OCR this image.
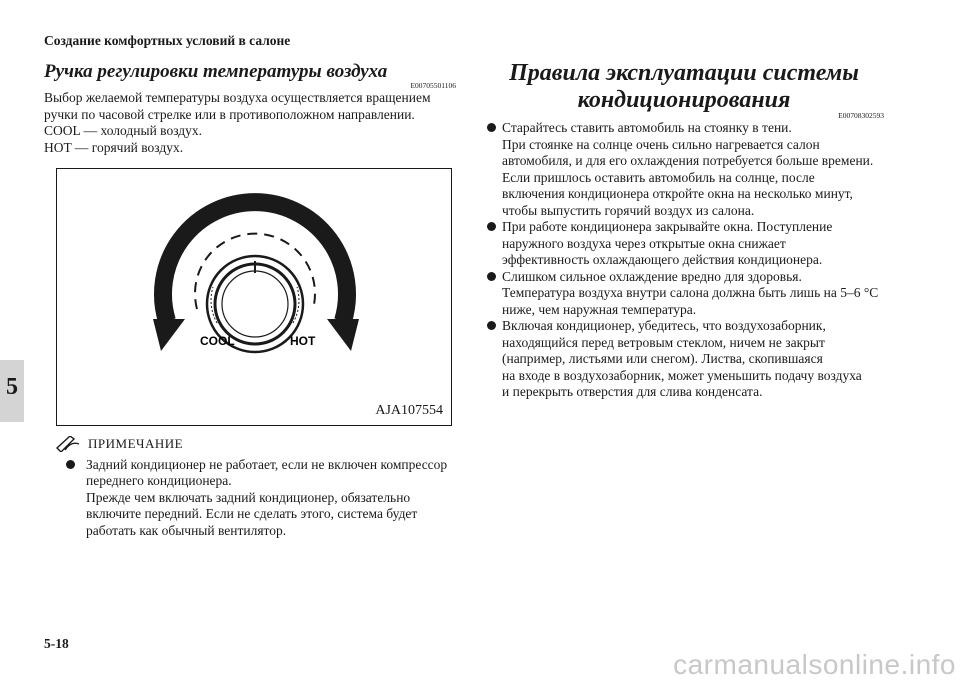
Создание комфортных условий в салоне
5
Ручка регулировки температуры воздуха
E00705501106

Выбор желаемой температуры воздуха осуществляется вращением

ручки по часовой стрелке или в противоположном направлении.

COOL — холодный воздух.

HOT — горячий воздух.

COOL	HOT
AJA107554
ПРИМЕЧАНИЕ
Задний кондиционер не работает, если не включен компрессор
переднего кондиционера.
Прежде чем включать задний кондиционер, обязательно
включите передний. Если не сделать этого, система будет
работать как обычный вентилятор.
Правила эксплуатации системы
кондиционирования
E00708302593

Старайтесь ставить автомобиль на стоянку в тени.

При стоянке на солнце очень сильно нагревается салон

автомобиля, и для его охлаждения потребуется больше времени.

Если пришлось оставить автомобиль на солнце, после

включения кондиционера откройте окна на несколько минут,

чтобы выпустить горячий воздух из салона.

При работе кондиционера закрывайте окна. Поступление

наружного воздуха через открытые окна снижает

эффективность охлаждающего действия кондиционера.

Слишком сильное охлаждение вредно для здоровья.

Температура воздуха внутри салона должна быть лишь на 5–6 °C

ниже, чем наружная температура.

Включая кондиционер, убедитесь, что воздухозаборник,

находящийся перед ветровым стеклом, ничем не закрыт

(например, листьями или снегом). Листва, скопившаяся

на входе в воздухозаборник, может уменьшить подачу воздуха

и перекрыть отверстия для слива конденсата.

5-18
carmanualsonline.info
